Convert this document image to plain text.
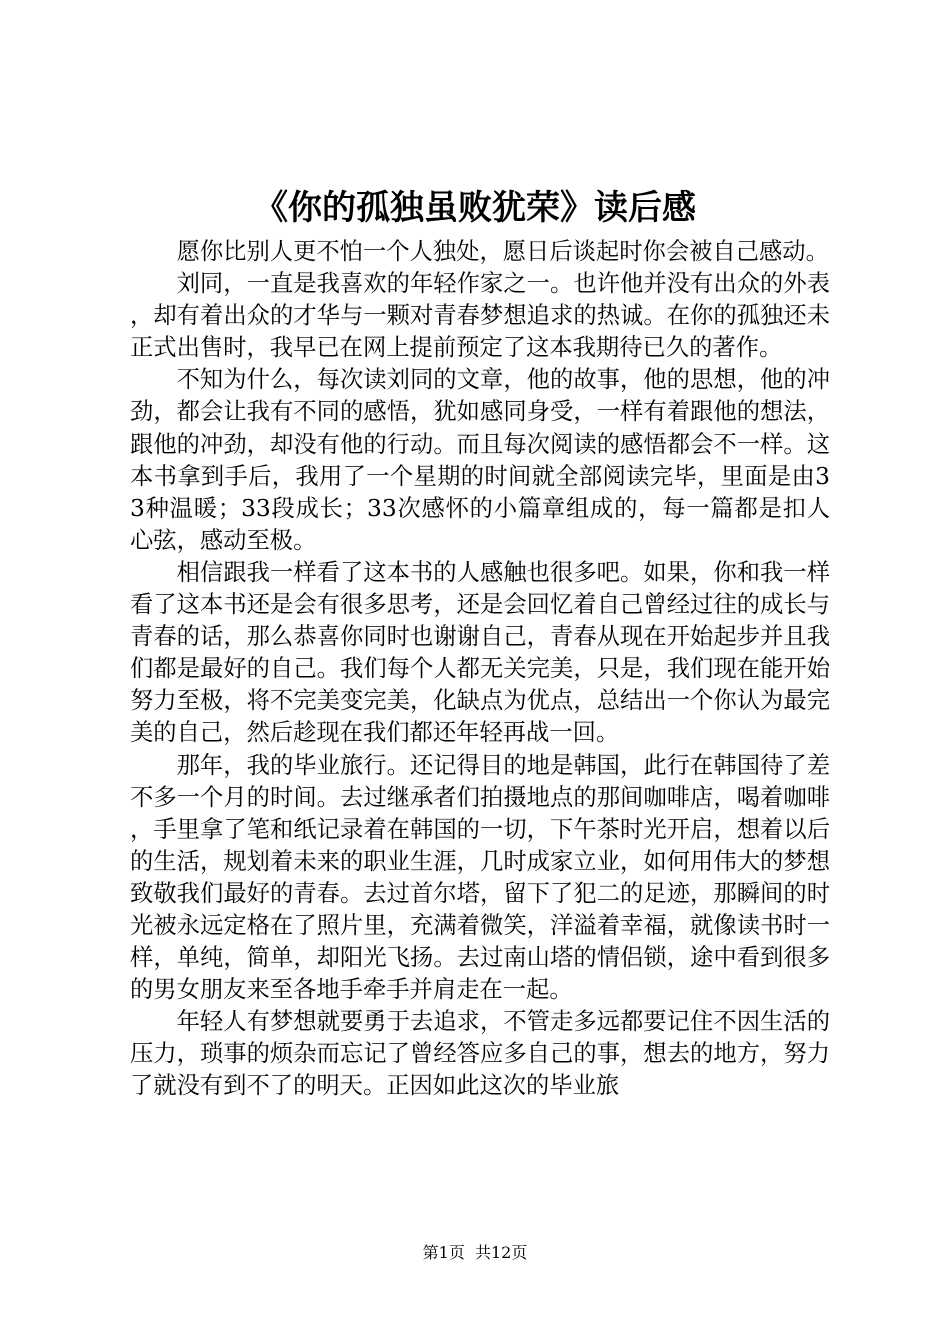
《你的孤独虽败犹荣》读后感

愿你比别人更不怕一个人独处，愿日后谈起时你会被自己感动。

刘同，一直是我喜欢的年轻作家之一。也许他并没有出众的外表，却有着出众的才华与一颗对青春梦想追求的热诚。在你的孤独还未正式出售时，我早已在网上提前预定了这本我期待已久的著作。

不知为什么，每次读刘同的文章，他的故事，他的思想，他的冲劲，都会让我有不同的感悟，犹如感同身受，一样有着跟他的想法，跟他的冲劲，却没有他的行动。而且每次阅读的感悟都会不一样。这本书拿到手后，我用了一个星期的时间就全部阅读完毕，里面是由33种温暖；33段成长；33次感怀的小篇章组成的，每一篇都是扣人心弦，感动至极。

相信跟我一样看了这本书的人感触也很多吧。如果，你和我一样看了这本书还是会有很多思考，还是会回忆着自己曾经过往的成长与青春的话，那么恭喜你同时也谢谢自己，青春从现在开始起步并且我们都是最好的自己。我们每个人都无关完美，只是，我们现在能开始努力至极，将不完美变完美，化缺点为优点，总结出一个你认为最完美的自己，然后趁现在我们都还年轻再战一回。

那年，我的毕业旅行。还记得目的地是韩国，此行在韩国待了差不多一个月的时间。去过继承者们拍摄地点的那间咖啡店，喝着咖啡，手里拿了笔和纸记录着在韩国的一切，下午茶时光开启，想着以后的生活，规划着未来的职业生涯，几时成家立业，如何用伟大的梦想致敬我们最好的青春。去过首尔塔，留下了犯二的足迹，那瞬间的时光被永远定格在了照片里，充满着微笑，洋溢着幸福，就像读书时一样，单纯，简单，却阳光飞扬。去过南山塔的情侣锁，途中看到很多的男女朋友来至各地手牵手并肩走在一起。

年轻人有梦想就要勇于去追求，不管走多远都要记住不因生活的压力，琐事的烦杂而忘记了曾经答应多自己的事，想去的地方，努力了就没有到不了的明天。正因如此这次的毕业旅

第1页  共12页
